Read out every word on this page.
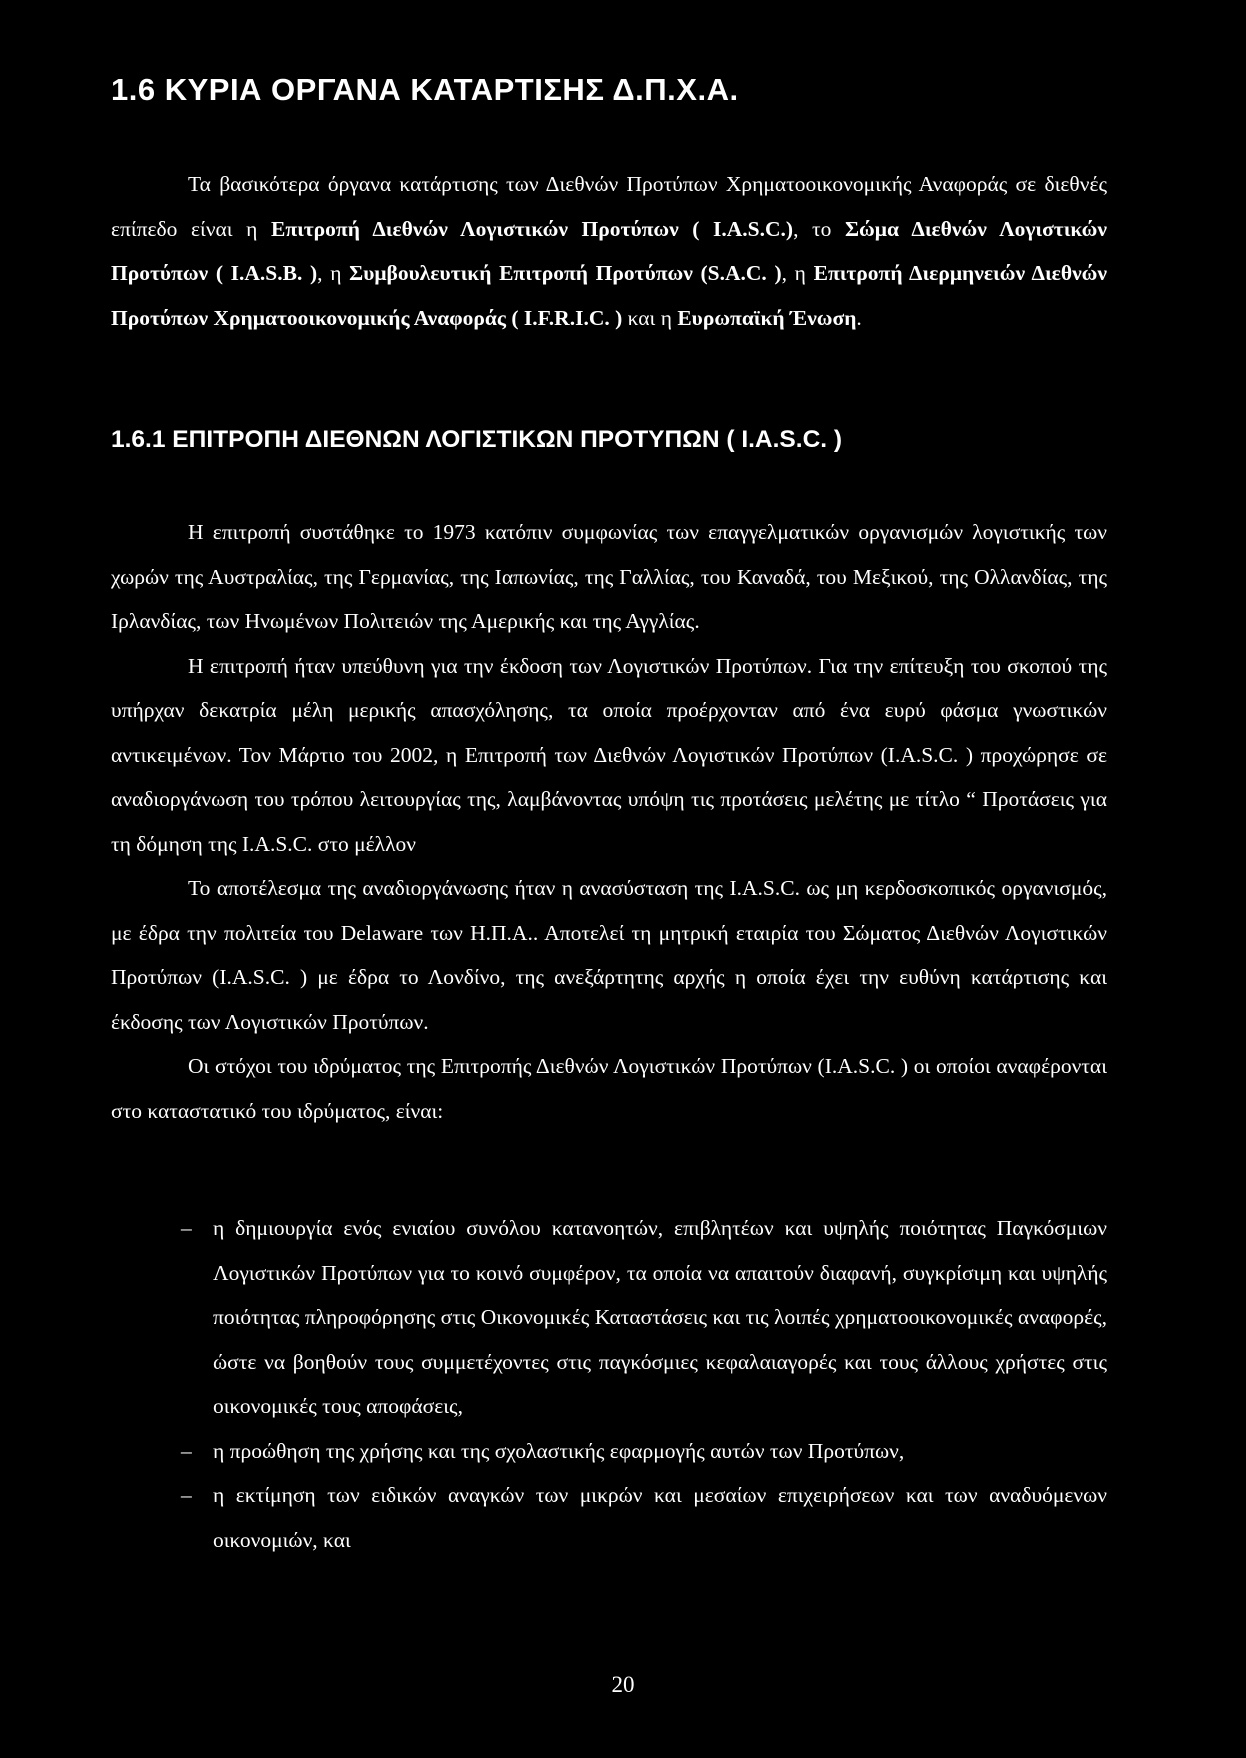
1.6 ΚΥΡΙΑ ΟΡΓΑΝΑ ΚΑΤΑΡΤΙΣΗΣ Δ.Π.Χ.Α.

Τα βασικότερα όργανα κατάρτισης των Διεθνών Προτύπων Χρηματοοικονομικής Αναφοράς σε διεθνές επίπεδο είναι η Επιτροπή Διεθνών Λογιστικών Προτύπων ( I.A.S.C.), το Σώμα Διεθνών Λογιστικών Προτύπων ( I.A.S.B. ), η Συμβουλευτική Επιτροπή Προτύπων (S.A.C. ), η Επιτροπή Διερμηνειών Διεθνών Προτύπων Χρηματοοικονομικής Αναφοράς ( I.F.R.I.C. ) και η Ευρωπαϊκή Ένωση.

1.6.1 ΕΠΙΤΡΟΠΗ ΔΙΕΘΝΩΝ ΛΟΓΙΣΤΙΚΩΝ ΠΡΟΤΥΠΩΝ ( I.A.S.C. )

Η επιτροπή συστάθηκε το 1973 κατόπιν συμφωνίας των επαγγελματικών οργανισμών λογιστικής των χωρών της Αυστραλίας, της Γερμανίας, της Ιαπωνίας, της Γαλλίας, του Καναδά, του Μεξικού, της Ολλανδίας, της Ιρλανδίας, των Ηνωμένων Πολιτειών της Αμερικής και της Αγγλίας.

Η επιτροπή ήταν υπεύθυνη για την έκδοση των Λογιστικών Προτύπων. Για την επίτευξη του σκοπού της υπήρχαν δεκατρία μέλη μερικής απασχόλησης, τα οποία προέρχονταν από ένα ευρύ φάσμα γνωστικών αντικειμένων. Τον Μάρτιο του 2002, η Επιτροπή των Διεθνών Λογιστικών Προτύπων (I.A.S.C. ) προχώρησε σε αναδιοργάνωση του τρόπου λειτουργίας της, λαμβάνοντας υπόψη τις προτάσεις μελέτης με τίτλο “ Προτάσεις για τη δόμηση της I.A.S.C. στο μέλλον

Το αποτέλεσμα της αναδιοργάνωσης ήταν η ανασύσταση της I.A.S.C. ως μη κερδοσκοπικός οργανισμός, με έδρα την πολιτεία του Delaware των Η.Π.Α.. Αποτελεί τη μητρική εταιρία του Σώματος Διεθνών Λογιστικών Προτύπων (I.A.S.C. ) με έδρα το Λονδίνο, της ανεξάρτητης αρχής η οποία έχει την ευθύνη κατάρτισης και έκδοσης των Λογιστικών Προτύπων.

Οι στόχοι του ιδρύματος της Επιτροπής Διεθνών Λογιστικών Προτύπων (I.A.S.C. ) οι οποίοι αναφέρονται στο καταστατικό του ιδρύματος, είναι:

– η δημιουργία ενός ενιαίου συνόλου κατανοητών, επιβλητέων και υψηλής ποιότητας Παγκόσμιων Λογιστικών Προτύπων για το κοινό συμφέρον, τα οποία να απαιτούν διαφανή, συγκρίσιμη και υψηλής ποιότητας πληροφόρησης στις Οικονομικές Καταστάσεις και τις λοιπές χρηματοοικονομικές αναφορές, ώστε να βοηθούν τους συμμετέχοντες στις παγκόσμιες κεφαλαιαγορές και τους άλλους χρήστες στις οικονομικές τους αποφάσεις,
– η προώθηση της χρήσης και της σχολαστικής εφαρμογής αυτών των Προτύπων,
– η εκτίμηση των ειδικών αναγκών των μικρών και μεσαίων επιχειρήσεων και των αναδυόμενων οικονομιών, και
20
